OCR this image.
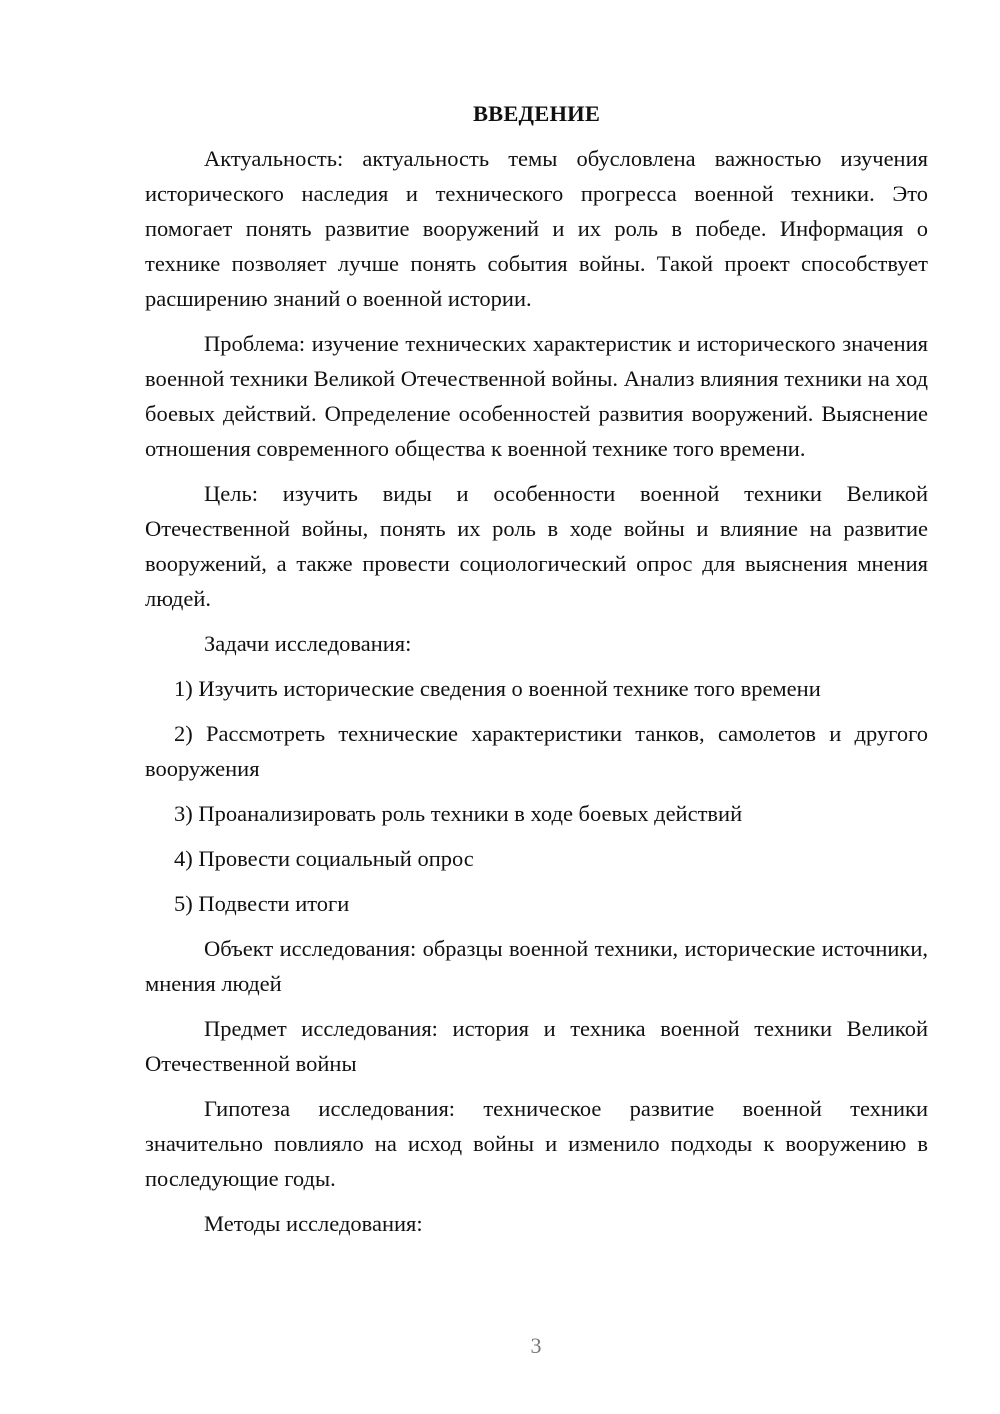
ВВЕДЕНИЕ

Актуальность: актуальность темы обусловлена важностью изучения исторического наследия и технического прогресса военной техники. Это помогает понять развитие вооружений и их роль в победе. Информация о технике позволяет лучше понять события войны. Такой проект способствует расширению знаний о военной истории.

Проблема: изучение технических характеристик и исторического значения военной техники Великой Отечественной войны. Анализ влияния техники на ход боевых действий. Определение особенностей развития вооружений. Выяснение отношения современного общества к военной технике того времени.

Цель: изучить виды и особенности военной техники Великой Отечественной войны, понять их роль в ходе войны и влияние на развитие вооружений, а также провести социологический опрос для выяснения мнения людей.

Задачи исследования:

1) Изучить исторические сведения о военной технике того времени

2) Рассмотреть технические характеристики танков, самолетов и другого вооружения

3) Проанализировать роль техники в ходе боевых действий

4) Провести социальный опрос

5) Подвести итоги

Объект исследования: образцы военной техники, исторические источники, мнения людей

Предмет исследования: история и техника военной техники Великой Отечественной войны

Гипотеза исследования: техническое развитие военной техники значительно повлияло на исход войны и изменило подходы к вооружению в последующие годы.

Методы исследования:

3
